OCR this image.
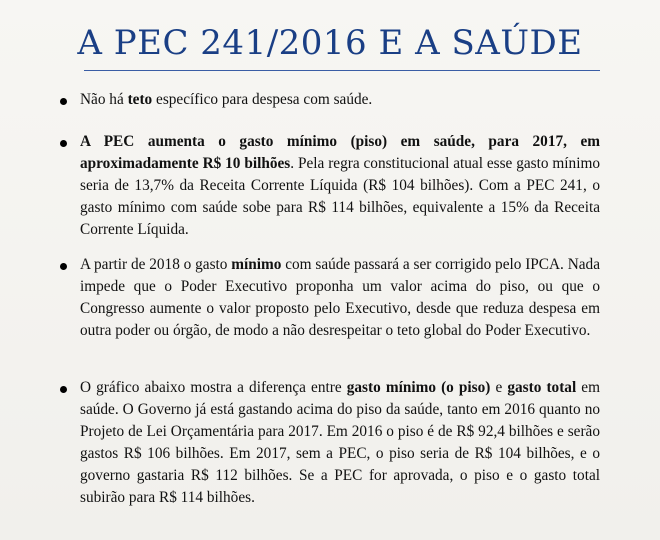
A PEC 241/2016 E A SAÚDE

Não há teto específico para despesa com saúde.

A PEC aumenta o gasto mínimo (piso) em saúde, para 2017, em aproximadamente R$ 10 bilhões. Pela regra constitucional atual esse gasto mínimo seria de 13,7% da Receita Corrente Líquida (R$ 104 bilhões). Com a PEC 241, o gasto mínimo com saúde sobe para R$ 114 bilhões, equivalente a 15% da Receita Corrente Líquida.

A partir de 2018 o gasto mínimo com saúde passará a ser corrigido pelo IPCA. Nada impede que o Poder Executivo proponha um valor acima do piso, ou que o Congresso aumente o valor proposto pelo Executivo, desde que reduza despesa em outra poder ou órgão, de modo a não desrespeitar o teto global do Poder Executivo.

O gráfico abaixo mostra a diferença entre gasto mínimo (o piso) e gasto total em saúde. O Governo já está gastando acima do piso da saúde, tanto em 2016 quanto no Projeto de Lei Orçamentária para 2017. Em 2016 o piso é de R$ 92,4 bilhões e serão gastos R$ 106 bilhões. Em 2017, sem a PEC, o piso seria de R$ 104 bilhões, e o governo gastaria R$ 112 bilhões. Se a PEC for aprovada, o piso e o gasto total subirão para R$ 114 bilhões.
